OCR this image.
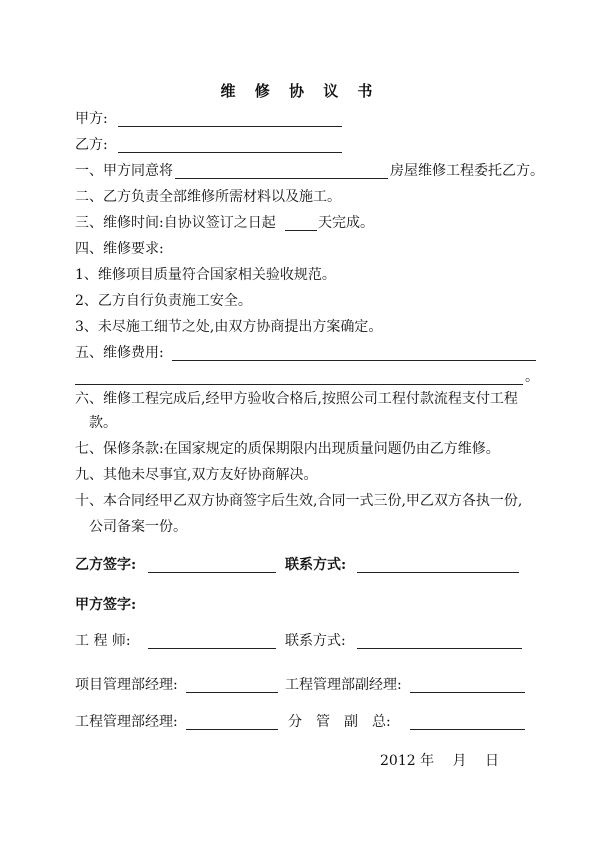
维 修 协 议 书
甲方:
乙方:
一、甲方同意将	房屋维修工程委托乙方。
二、乙方负责全部维修所需材料以及施工。
三、维修时间:自协议签订之日起	天完成。
四、维修要求:
1、维修项目质量符合国家相关验收规范。
2、乙方自行负责施工安全。
3、未尽施工细节之处,由双方协商提出方案确定。
五、维修费用:
。
六、维修工程完成后,经甲方验收合格后,按照公司工程付款流程支付工程
款。
七、保修条款:在国家规定的质保期限内出现质量问题仍由乙方维修。
九、其他未尽事宜,双方友好协商解决。
十、本合同经甲乙双方协商签字后生效,合同一式三份,甲乙双方各执一份,
公司备案一份。
乙方签字:	联系方式:
甲方签字:
工 程 师:	联系方式:
项目管理部经理:	工程管理部副经理:
工程管理部经理:	分　管　副　总:
2012 年　 月　 日
